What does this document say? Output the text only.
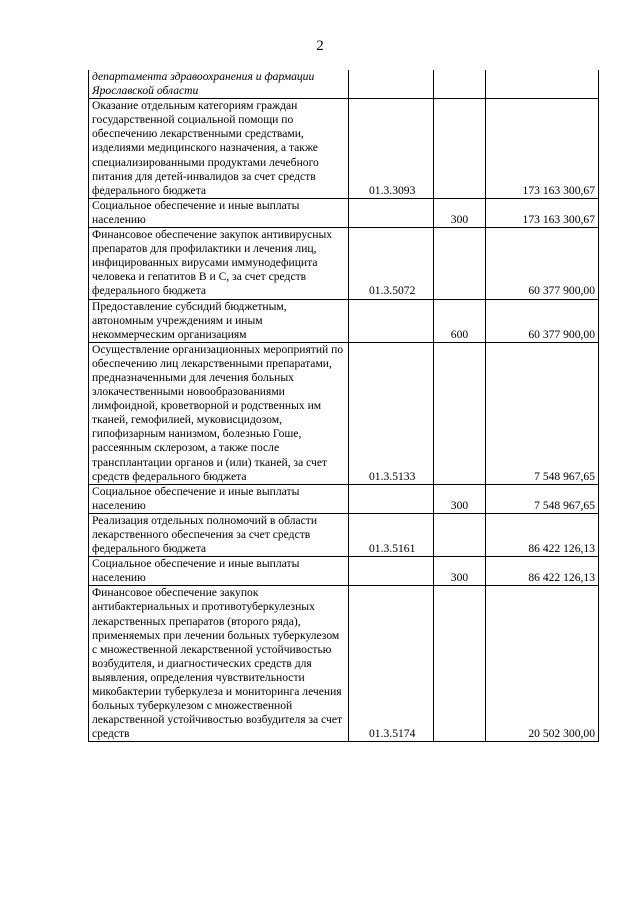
2
департамента здравоохранения и фармации Ярославской области			
Оказание отдельным категориям граждан государственной социальной помощи по обеспечению лекарственными средствами, изделиями медицинского назначения, а также специализированными продуктами лечебного питания для детей-инвалидов за счет средств федерального бюджета	01.3.3093		173 163 300,67
Социальное обеспечение и иные выплаты населению		300	173 163 300,67
Финансовое обеспечение закупок антивирусных препаратов для профилактики и лечения лиц, инфицированных вирусами иммунодефицита человека и гепатитов В и С, за счет средств федерального бюджета	01.3.5072		60 377 900,00
Предоставление субсидий бюджетным, автономным учреждениям и иным некоммерческим организациям		600	60 377 900,00
Осуществление организационных мероприятий по обеспечению лиц лекарственными препаратами, предназначенными для лечения больных злокачественными новообразованиями лимфоидной, кроветворной и родственных им тканей, гемофилией, муковисцидозом, гипофизарным нанизмом, болезнью Гоше, рассеянным склерозом, а также после трансплантации органов и (или) тканей, за счет средств федерального бюджета	01.3.5133		7 548 967,65
Социальное обеспечение и иные выплаты населению		300	7 548 967,65
Реализация отдельных полномочий в области лекарственного обеспечения за счет средств федерального бюджета	01.3.5161		86 422 126,13
Социальное обеспечение и иные выплаты населению		300	86 422 126,13
Финансовое обеспечение закупок антибактериальных и противотуберкулезных лекарственных препаратов (второго ряда), применяемых при лечении больных туберкулезом с множественной лекарственной устойчивостью возбудителя, и диагностических средств для выявления, определения чувствительности микобактерии туберкулеза и мониторинга лечения больных туберкулезом с множественной лекарственной устойчивостью возбудителя за счет средств	01.3.5174		20 502 300,00
